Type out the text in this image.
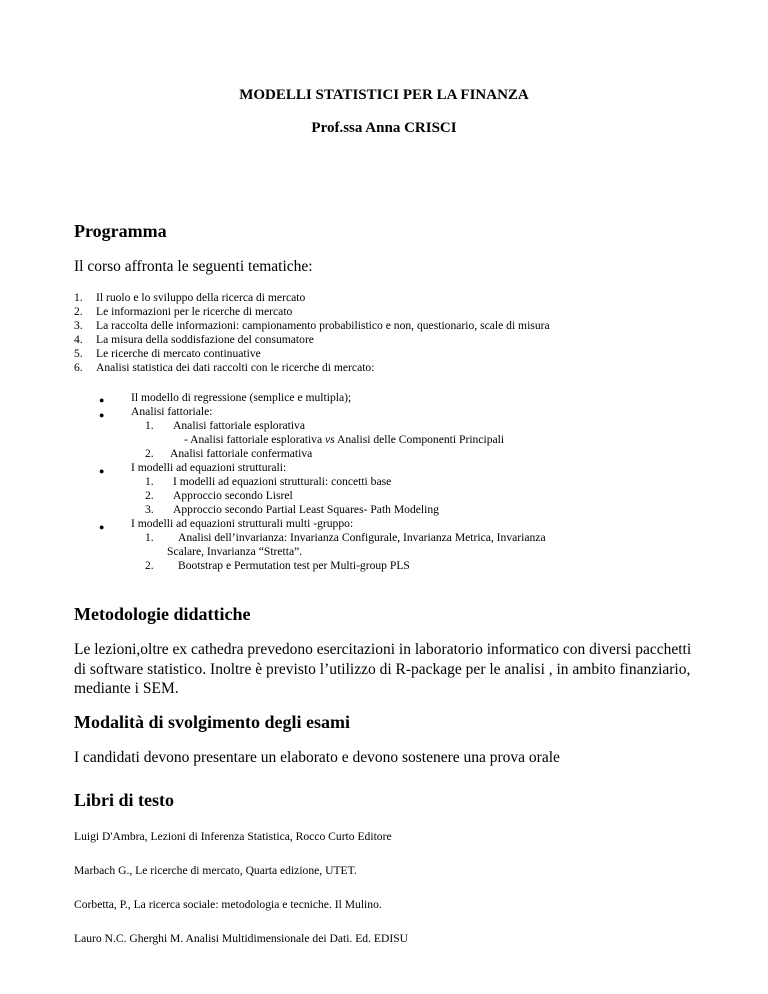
MODELLI STATISTICI PER LA FINANZA
Prof.ssa Anna CRISCI
Programma
Il corso affronta le seguenti tematiche:
1.	Il ruolo e lo sviluppo della ricerca di mercato
2.	Le informazioni per le ricerche di mercato
3.	La raccolta delle informazioni: campionamento probabilistico e non, questionario, scale di misura
4.	La misura della soddisfazione del consumatore
5.	Le ricerche di mercato continuative
6.	Analisi statistica dei dati raccolti con le ricerche di mercato:
● Il modello di regressione (semplice e multipla);
● Analisi fattoriale:
1. Analisi fattoriale esplorativa
- Analisi fattoriale esplorativa vs Analisi delle Componenti Principali
2. Analisi fattoriale confermativa
● I modelli ad equazioni strutturali:
1. I modelli ad equazioni strutturali: concetti base
2. Approccio secondo Lisrel
3. Approccio secondo Partial Least Squares- Path Modeling
● I modelli ad equazioni strutturali multi -gruppo:
1. Analisi dell’invarianza: Invarianza Configurale, Invarianza Metrica, Invarianza
Scalare, Invarianza “Stretta”.
2. Bootstrap e Permutation test per Multi-group PLS
Metodologie didattiche
Le lezioni,oltre ex cathedra prevedono esercitazioni in laboratorio informatico con diversi pacchetti di software statistico. Inoltre è previsto l’utilizzo di R-package per le analisi , in ambito finanziario, mediante i SEM.
Modalità di svolgimento degli esami
I candidati devono presentare un elaborato e devono sostenere una prova orale
Libri di testo
Luigi D'Ambra, Lezioni di Inferenza Statistica, Rocco Curto Editore
Marbach G., Le ricerche di mercato, Quarta edizione, UTET.
Corbetta, P., La ricerca sociale: metodologia e tecniche. Il Mulino.
Lauro N.C. Gherghi M. Analisi Multidimensionale dei Dati. Ed. EDISU
